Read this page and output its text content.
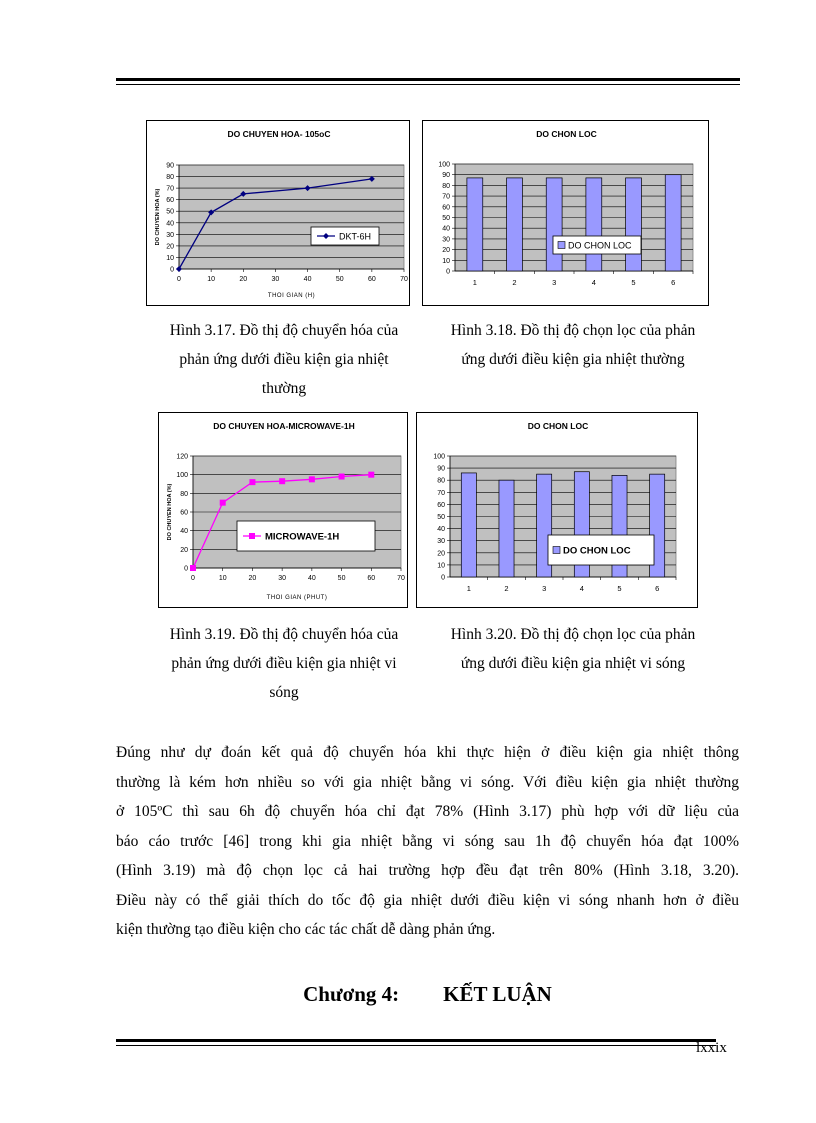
DO CHUYEN HOA- 105oC
0
10
20
30
40
50
60
70
80
90
0	10	20	30	40	50	60	70
THOI GIAN (H)
DO CHUYEN HOA (%)	DKT-6H
Hình 3.17. Đồ thị độ chuyển hóa của
phản ứng dưới điều kiện gia nhiệt
thường
DO CHON LOC
0
10
20
30
40
50
60
70
80
90
100
1	2	3	4	5	6
DO CHON LOC
Hình 3.18. Đồ thị độ chọn lọc của phản
ứng dưới điều kiện gia nhiệt thường
DO CHUYEN HOA-MICROWAVE-1H
0
20
40
60
80
100
120
0	10	20	30	40	50	60	70
THOI GIAN (PHUT)
DO CHUYEN HOA (%)	MICROWAVE-1H
Hình 3.19. Đồ thị độ chuyển hóa của
phản ứng dưới điều kiện gia nhiệt vi
sóng
DO CHON LOC
0
10
20
30
40
50
60
70
80
90
100
1	2	3	4	5	6
DO CHON LOC
Hình 3.20. Đồ thị độ chọn lọc của phản
ứng dưới điều kiện gia nhiệt vi sóng

Đúng như dự đoán kết quả độ chuyển hóa khi thực hiện ở điều kiện gia nhiệt thông

thường là kém hơn nhiều so với gia nhiệt bằng vi sóng. Với điều kiện gia nhiệt thường

ở 105ºC thì sau 6h độ chuyển hóa chỉ đạt 78% (Hình 3.17) phù hợp với dữ liệu của

báo cáo trước [46] trong khi gia nhiệt bằng vi sóng sau 1h độ chuyển hóa đạt 100%

(Hình 3.19) mà độ chọn lọc cả hai trường hợp đều đạt trên 80% (Hình 3.18, 3.20).

Điều này có thể giải thích do tốc độ gia nhiệt dưới điều kiện vi sóng nhanh hơn ở điều

kiện thường tạo điều kiện cho các tác chất dễ dàng phản ứng.

Chương 4: KẾT LUẬN
lxxix
